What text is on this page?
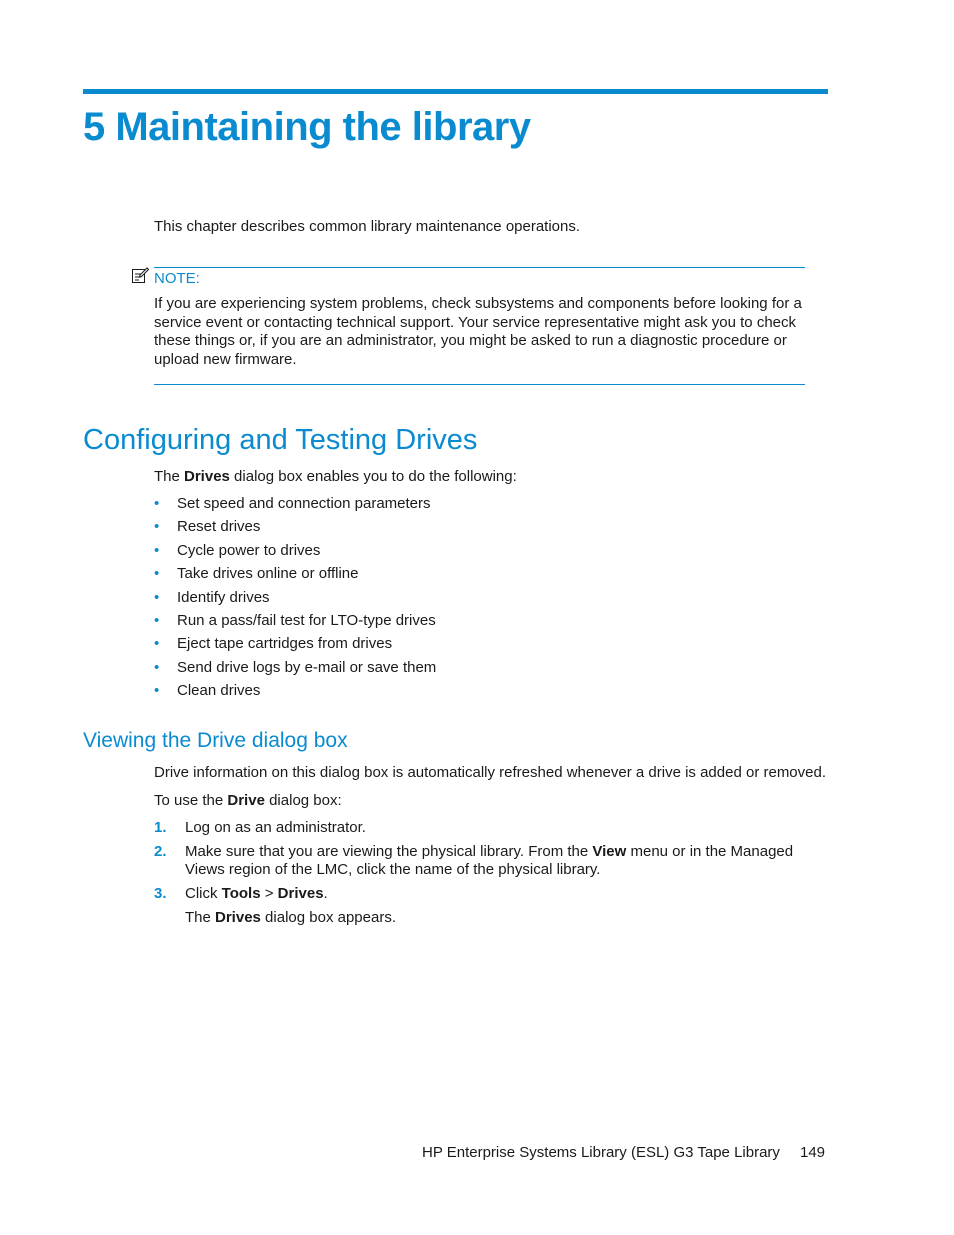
5 Maintaining the library
This chapter describes common library maintenance operations.
NOTE:
If you are experiencing system problems, check subsystems and components before looking for a service event or contacting technical support. Your service representative might ask you to check these things or, if you are an administrator, you might be asked to run a diagnostic procedure or upload new firmware.
Configuring and Testing Drives
The Drives dialog box enables you to do the following:
• Set speed and connection parameters
• Reset drives
• Cycle power to drives
• Take drives online or offline
• Identify drives
• Run a pass/fail test for LTO-type drives
• Eject tape cartridges from drives
• Send drive logs by e-mail or save them
• Clean drives
Viewing the Drive dialog box
Drive information on this dialog box is automatically refreshed whenever a drive is added or removed.
To use the Drive dialog box:
1. Log on as an administrator.
2. Make sure that you are viewing the physical library. From the View menu or in the Managed Views region of the LMC, click the name of the physical library.
3. Click Tools > Drives.
The Drives dialog box appears.
HP Enterprise Systems Library (ESL) G3 Tape Library 149
